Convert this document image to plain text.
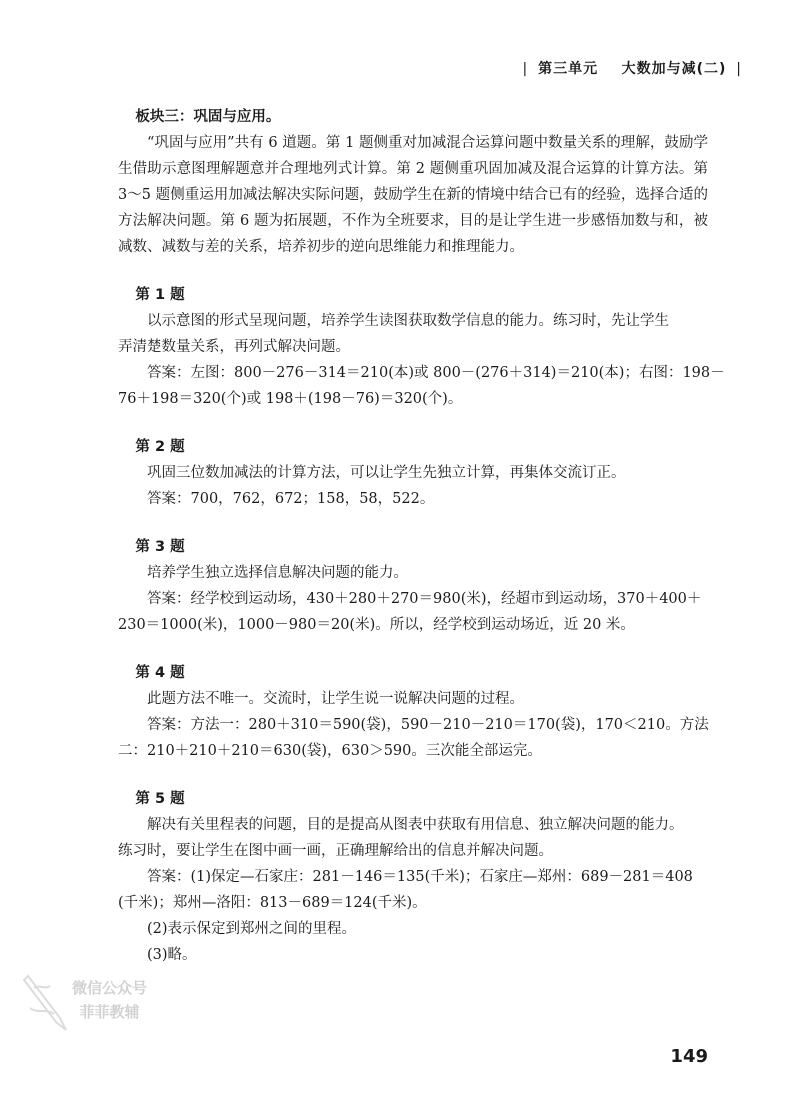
| 第三单元 大数加与减(二) |

板块三：巩固与应用。

“巩固与应用”共有 6 道题。第 1 题侧重对加减混合运算问题中数量关系的理解，鼓励学生借助示意图理解题意并合理地列式计算。第 2 题侧重巩固加减及混合运算的计算方法。第 3～5 题侧重运用加减法解决实际问题，鼓励学生在新的情境中结合已有的经验，选择合适的方法解决问题。第 6 题为拓展题，不作为全班要求，目的是让学生进一步感悟加数与和，被减数、减数与差的关系，培养初步的逆向思维能力和推理能力。

第 1 题

以示意图的形式呈现问题，培养学生读图获取数学信息的能力。练习时，先让学生

弄清楚数量关系，再列式解决问题。

答案：左图：800－276－314＝210(本)或 800－(276＋314)＝210(本)；右图：198－

76＋198＝320(个)或 198＋(198－76)＝320(个)。

第 2 题

巩固三位数加减法的计算方法，可以让学生先独立计算，再集体交流订正。

答案：700，762，672；158，58，522。

第 3 题

培养学生独立选择信息解决问题的能力。

答案：经学校到运动场，430＋280＋270＝980(米)，经超市到运动场，370＋400＋

230＝1000(米)，1000－980＝20(米)。所以，经学校到运动场近，近 20 米。

第 4 题

此题方法不唯一。交流时，让学生说一说解决问题的过程。

答案：方法一：280＋310＝590(袋)，590－210－210＝170(袋)，170＜210。方法

二：210＋210＋210＝630(袋)，630＞590。三次能全部运完。

第 5 题

解决有关里程表的问题，目的是提高从图表中获取有用信息、独立解决问题的能力。

练习时，要让学生在图中画一画，正确理解给出的信息并解决问题。

答案：(1)保定—石家庄：281－146＝135(千米)；石家庄—郑州：689－281＝408

(千米)；郑州—洛阳：813－689＝124(千米)。

(2)表示保定到郑州之间的里程。

(3)略。

微信公众号
菲菲教辅
149
